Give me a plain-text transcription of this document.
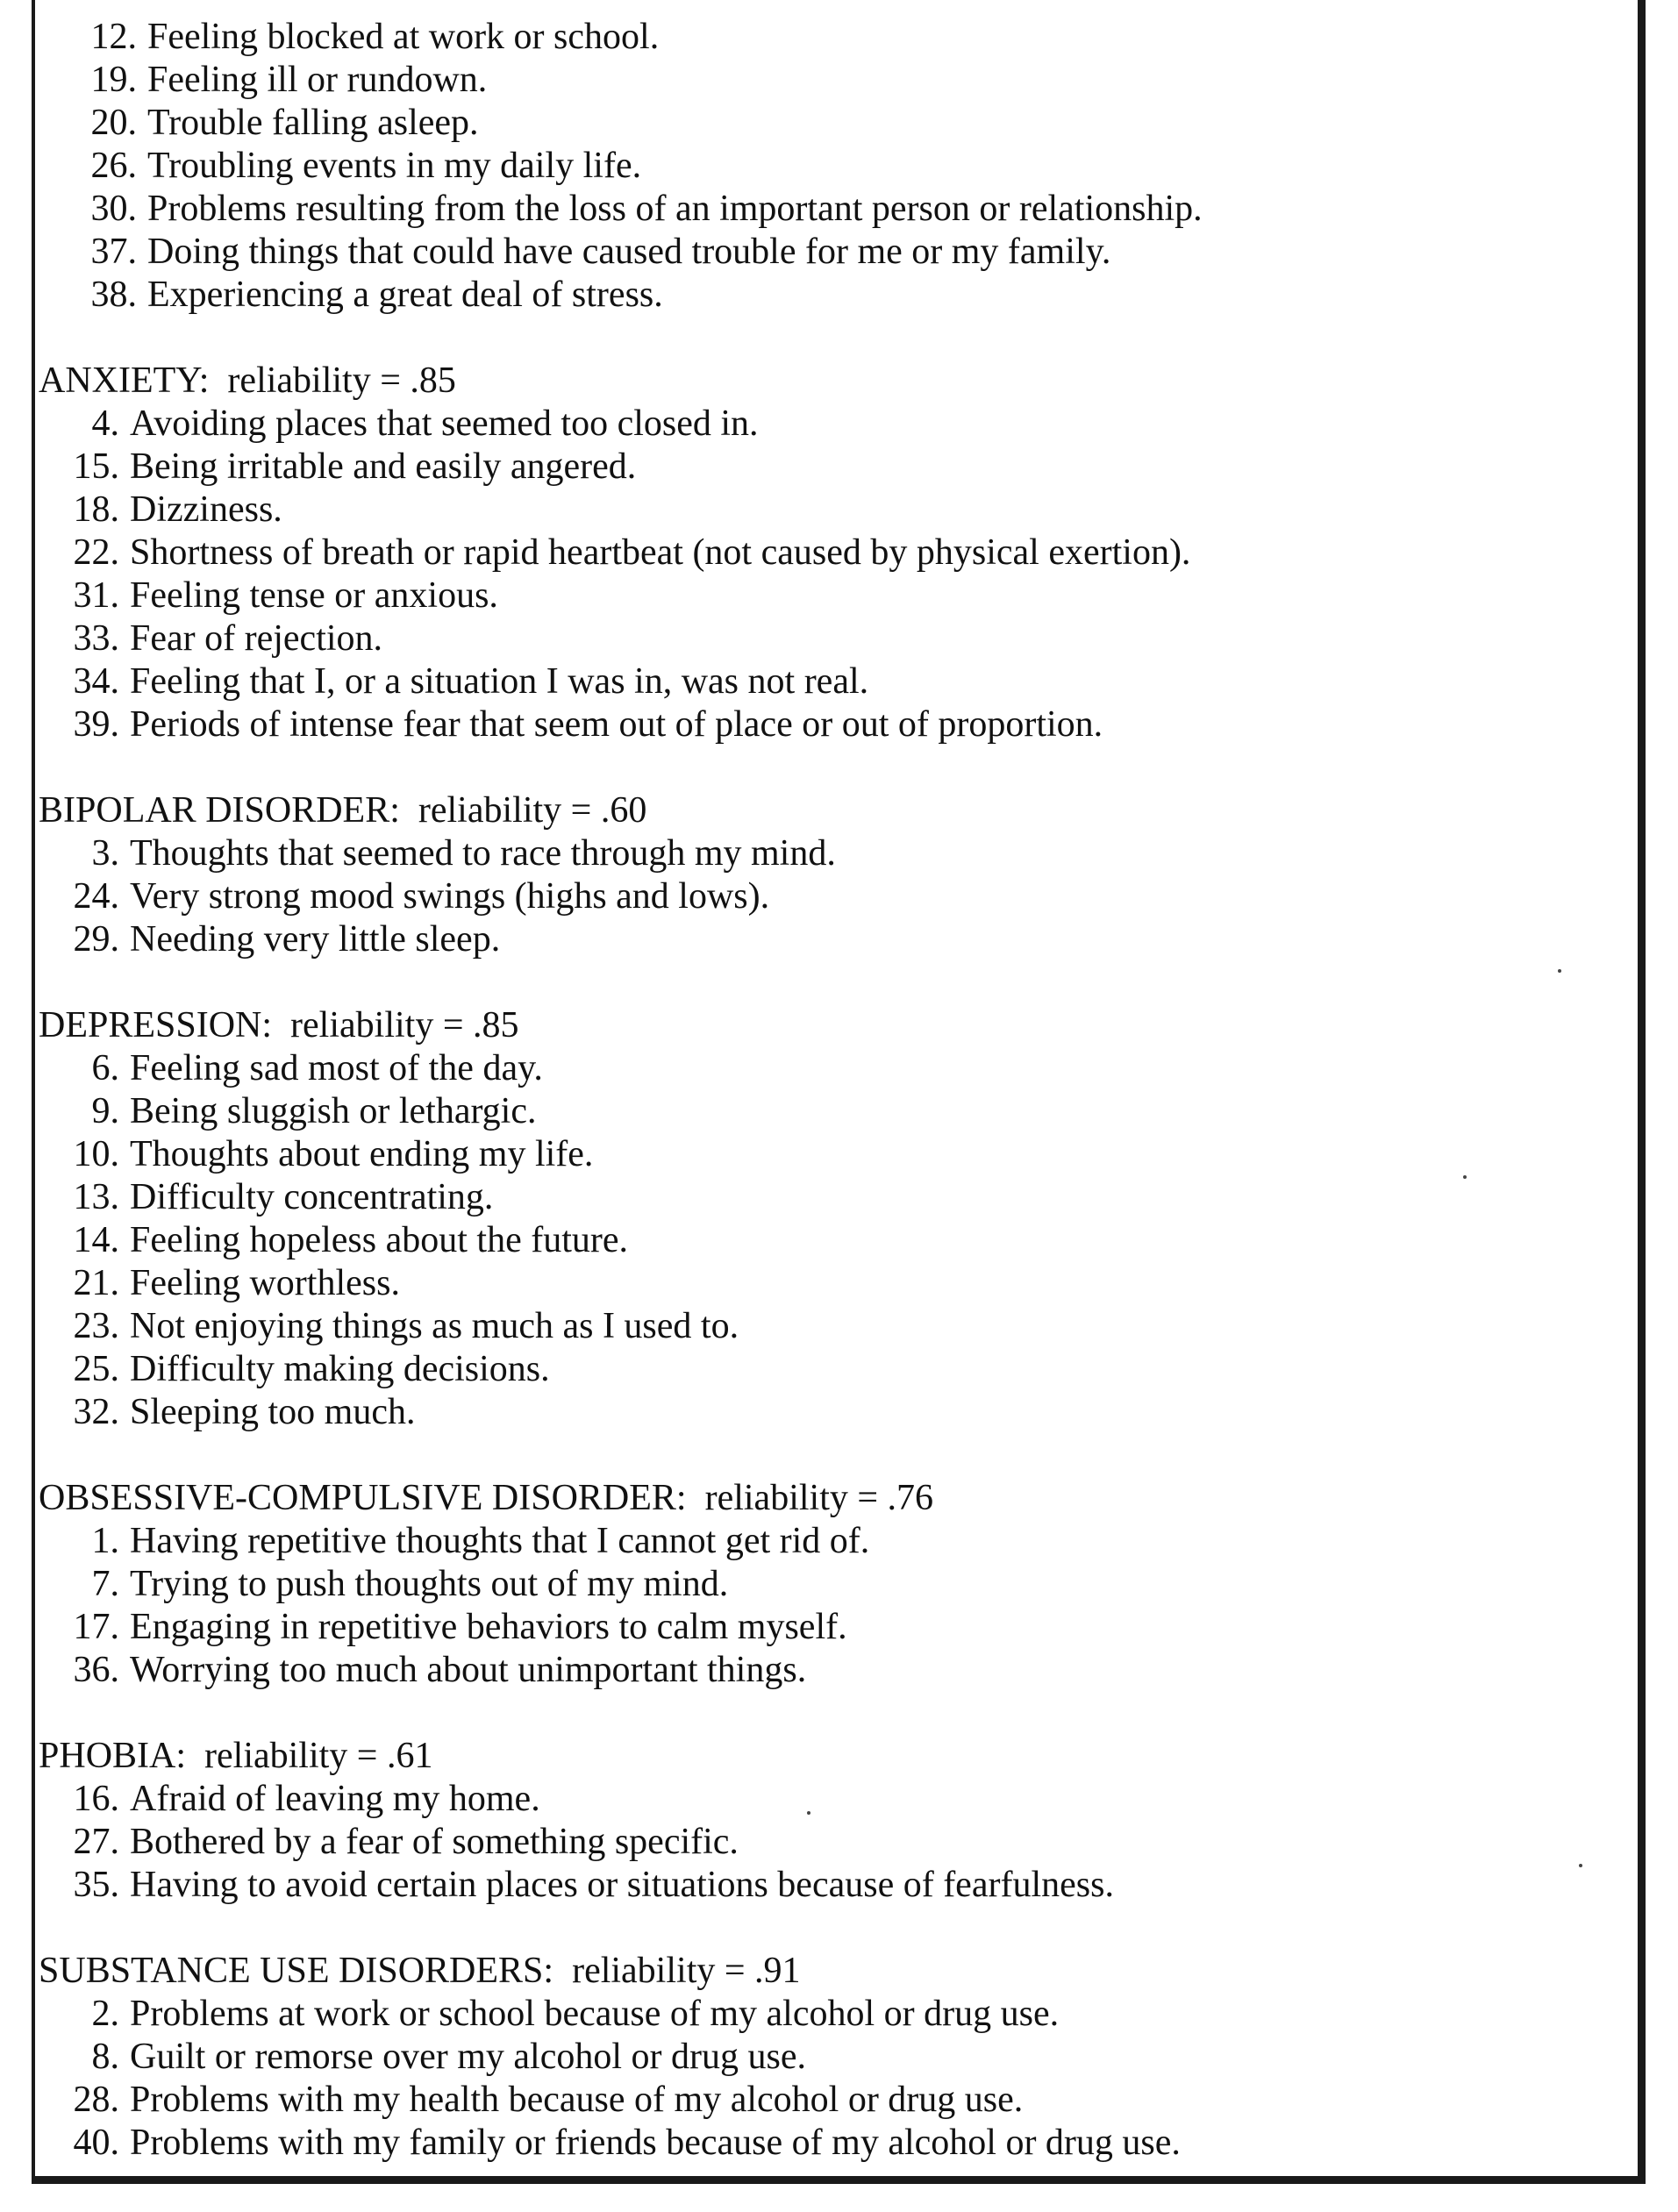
12 . Feeling blocked at work or school.
19 . Feeling ill or rundown.
20 . Trouble falling asleep.
26 . Troubling events in my daily life.
30 . Problems resulting from the loss of an important person or relationship.
37 . Doing things that could have caused trouble for me or my family.
38 . Experiencing a great deal of stress.
ANXIETY:  reliability = .85
4 . Avoiding places that seemed too closed in.
15 . Being irritable and easily angered.
18 . Dizziness.
22 . Shortness of breath or rapid heartbeat (not caused by physical exertion).
31 . Feeling tense or anxious.
33 . Fear of rejection.
34 . Feeling that I, or a situation I was in, was not real.
39 . Periods of intense fear that seem out of place or out of proportion.
BIPOLAR DISORDER:  reliability = .60
3 . Thoughts that seemed to race through my mind.
24 . Very strong mood swings (highs and lows).
29 . Needing very little sleep.
DEPRESSION:  reliability = .85
6 . Feeling sad most of the day.
9 . Being sluggish or lethargic.
10 . Thoughts about ending my life.
13 . Difficulty concentrating.
14 . Feeling hopeless about the future.
21 . Feeling worthless.
23 . Not enjoying things as much as I used to.
25 . Difficulty making decisions.
32 . Sleeping too much.
OBSESSIVE-COMPULSIVE DISORDER:  reliability = .76
1 . Having repetitive thoughts that I cannot get rid of.
7 . Trying to push thoughts out of my mind.
17 . Engaging in repetitive behaviors to calm myself.
36 . Worrying too much about unimportant things.
PHOBIA:  reliability = .61
16 . Afraid of leaving my home.
27 . Bothered by a fear of something specific.
35 . Having to avoid certain places or situations because of fearfulness.
SUBSTANCE USE DISORDERS:  reliability = .91
2 . Problems at work or school because of my alcohol or drug use.
8 . Guilt or remorse over my alcohol or drug use.
28 . Problems with my health because of my alcohol or drug use.
40 . Problems with my family or friends because of my alcohol or drug use.
